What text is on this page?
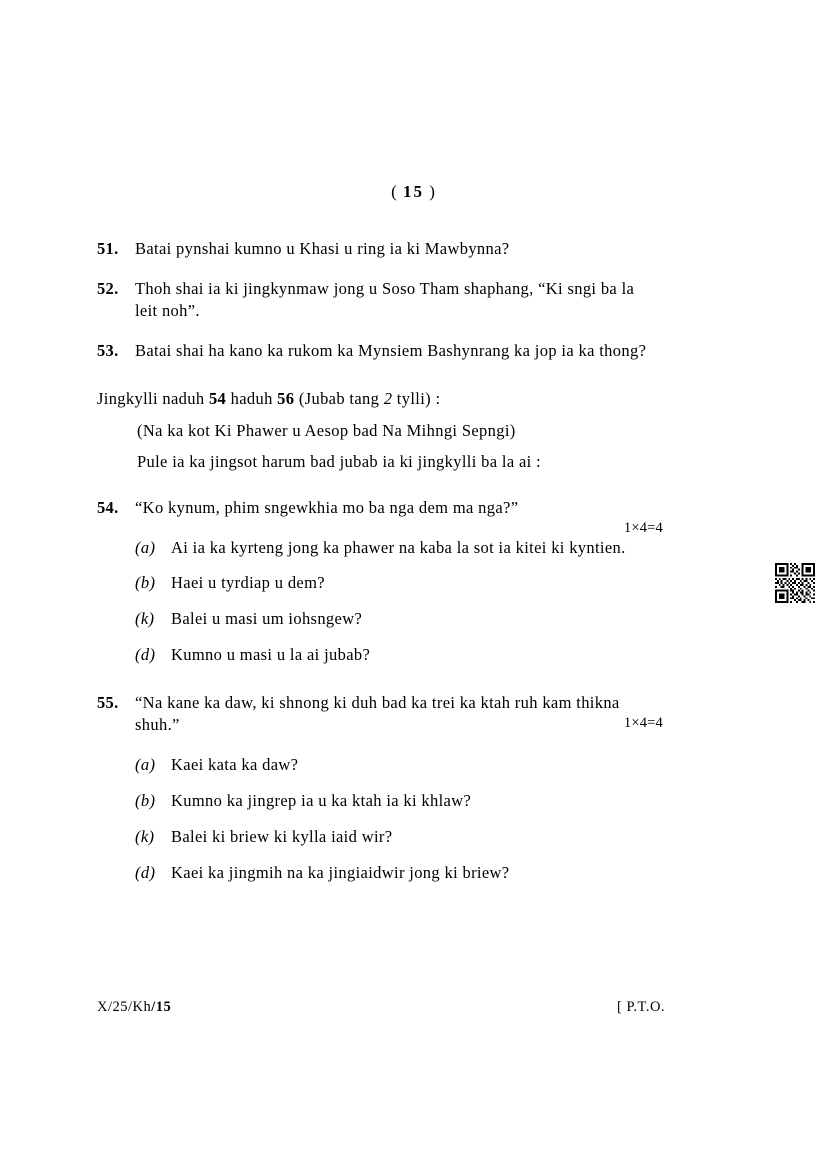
( 15 )
51. Batai pynshai kumno u Khasi u ring ia ki Mawbynna?
52. Thoh shai ia ki jingkynmaw jong u Soso Tham shaphang, “Ki sngi ba la leit noh”.
53. Batai shai ha kano ka rukom ka Mynsiem Bashynrang ka jop ia ka thong?
Jingkylli naduh 54 haduh 56 (Jubab tang 2 tylli) :
(Na ka kot Ki Phawer u Aesop bad Na Mihngi Sepngi)
Pule ia ka jingsot harum bad jubab ia ki jingkylli ba la ai :
54. “Ko kynum, phim sngewkhia mo ba nga dem ma nga?”
1×4=4
(a) Ai ia ka kyrteng jong ka phawer na kaba la sot ia kitei ki kyntien.
(b) Haei u tyrdiap u dem?
(k)	Balei u masi um iohsngew?
(d) Kumno u masi u la ai jubab?
55. “Na kane ka daw, ki shnong ki duh bad ka trei ka ktah ruh kam thikna shuh.”	1×4=4
(a) Kaei kata ka daw?
(b) Kumno ka jingrep ia u ka ktah ia ki khlaw?
(k)	Balei ki briew ki kylla iaid wir?
(d) Kaei ka jingmih na ka jingiaidwir jong ki briew?
X/25/Kh/15	[ P.T.O.
